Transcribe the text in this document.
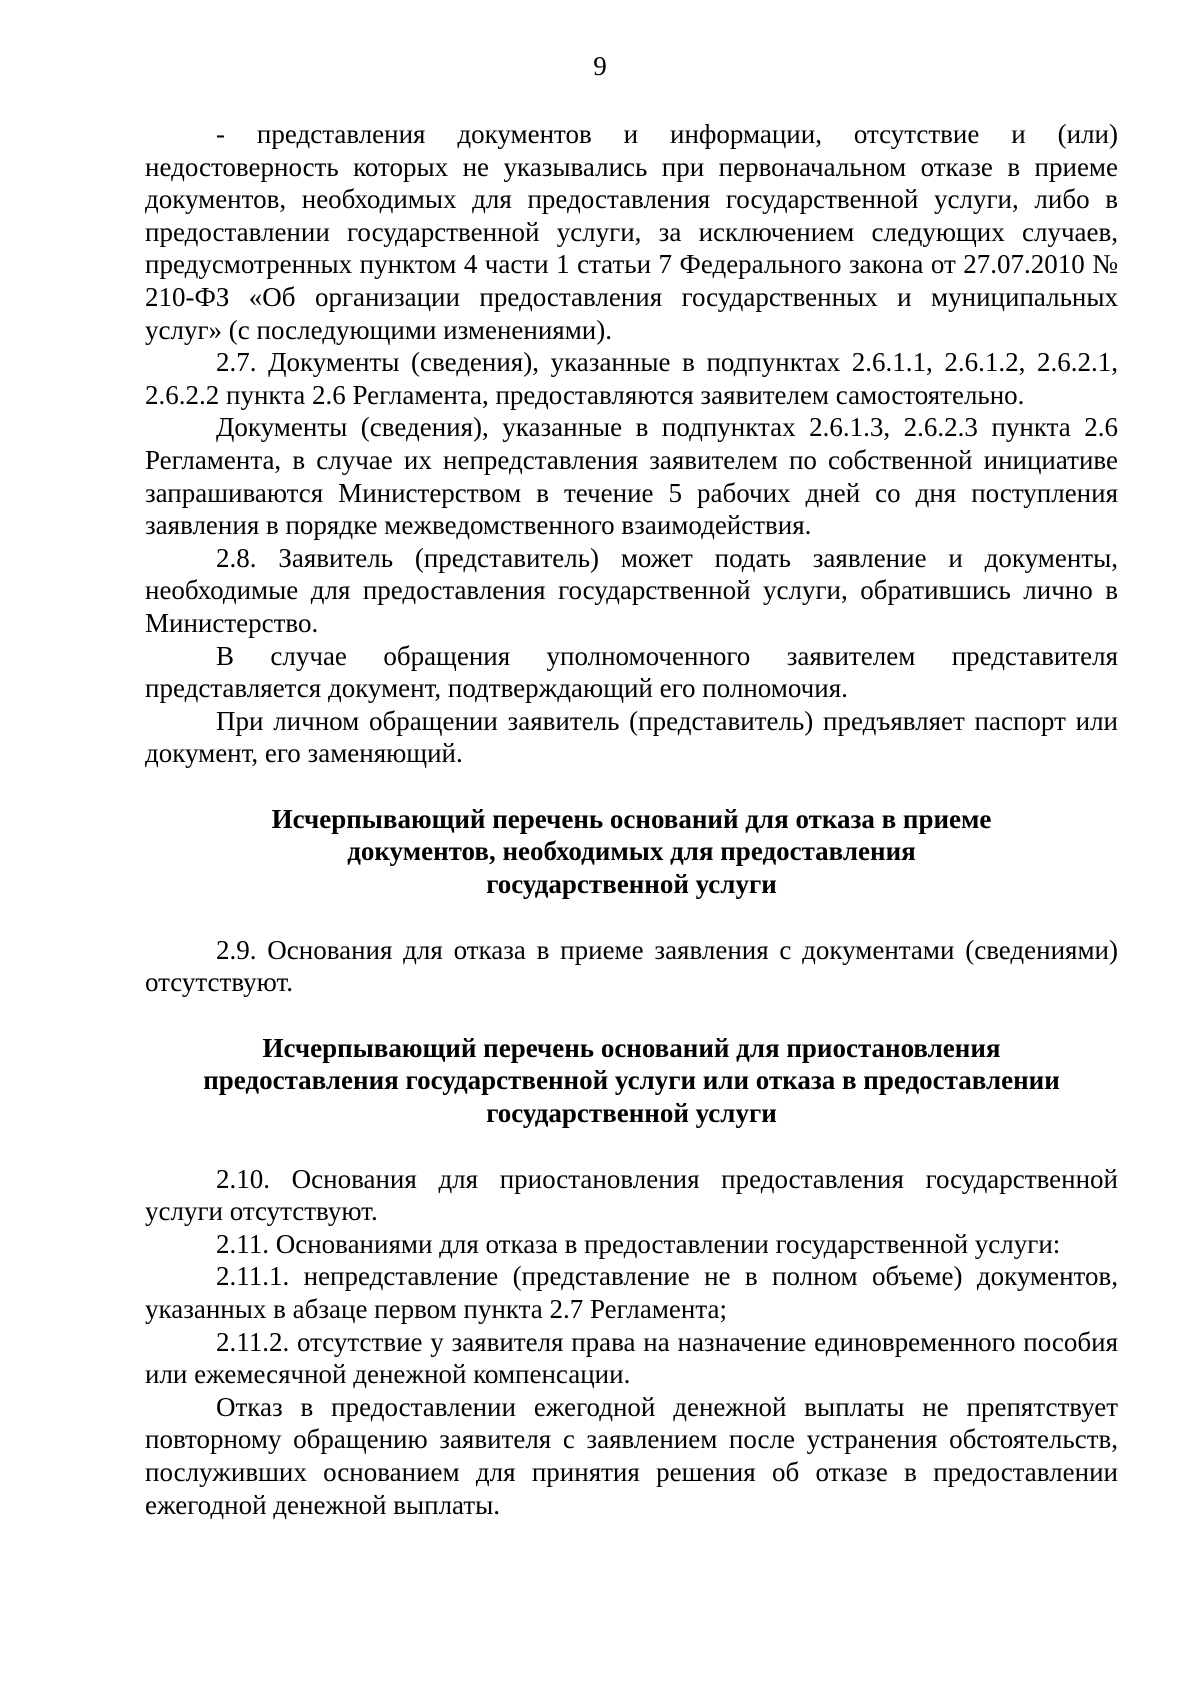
9

- представления документов и информации, отсутствие и (или) недостоверность которых не указывались при первоначальном отказе в приеме документов, необходимых для предоставления государственной услуги, либо в предоставлении государственной услуги, за исключением следующих случаев, предусмотренных пунктом 4 части 1 статьи 7 Федерального закона от 27.07.2010 № 210-ФЗ «Об организации предоставления государственных и муниципальных услуг» (с последующими изменениями).

2.7. Документы (сведения), указанные в подпунктах 2.6.1.1, 2.6.1.2, 2.6.2.1, 2.6.2.2 пункта 2.6 Регламента, предоставляются заявителем самостоятельно.

Документы (сведения), указанные в подпунктах 2.6.1.3, 2.6.2.3 пункта 2.6 Регламента, в случае их непредставления заявителем по собственной инициативе запрашиваются Министерством в течение 5 рабочих дней со дня поступления заявления в порядке межведомственного взаимодействия.

2.8. Заявитель (представитель) может подать заявление и документы, необходимые для предоставления государственной услуги, обратившись лично в Министерство.

В случае обращения уполномоченного заявителем представителя представляется документ, подтверждающий его полномочия.

При личном обращении заявитель (представитель) предъявляет паспорт или документ, его заменяющий.

Исчерпывающий перечень оснований для отказа в приеме
документов, необходимых для предоставления
государственной услуги

2.9. Основания для отказа в приеме заявления с документами (сведениями) отсутствуют.

Исчерпывающий перечень оснований для приостановления
предоставления государственной услуги или отказа в предоставлении
государственной услуги

2.10. Основания для приостановления предоставления государственной услуги отсутствуют.

2.11. Основаниями для отказа в предоставлении государственной услуги:

2.11.1. непредставление (представление не в полном объеме) документов, указанных в абзаце первом пункта 2.7 Регламента;

2.11.2. отсутствие у заявителя права на назначение единовременного пособия или ежемесячной денежной компенсации.

Отказ в предоставлении ежегодной денежной выплаты не препятствует повторному обращению заявителя с заявлением после устранения обстоятельств, послуживших основанием для принятия решения об отказе в предоставлении ежегодной денежной выплаты.
